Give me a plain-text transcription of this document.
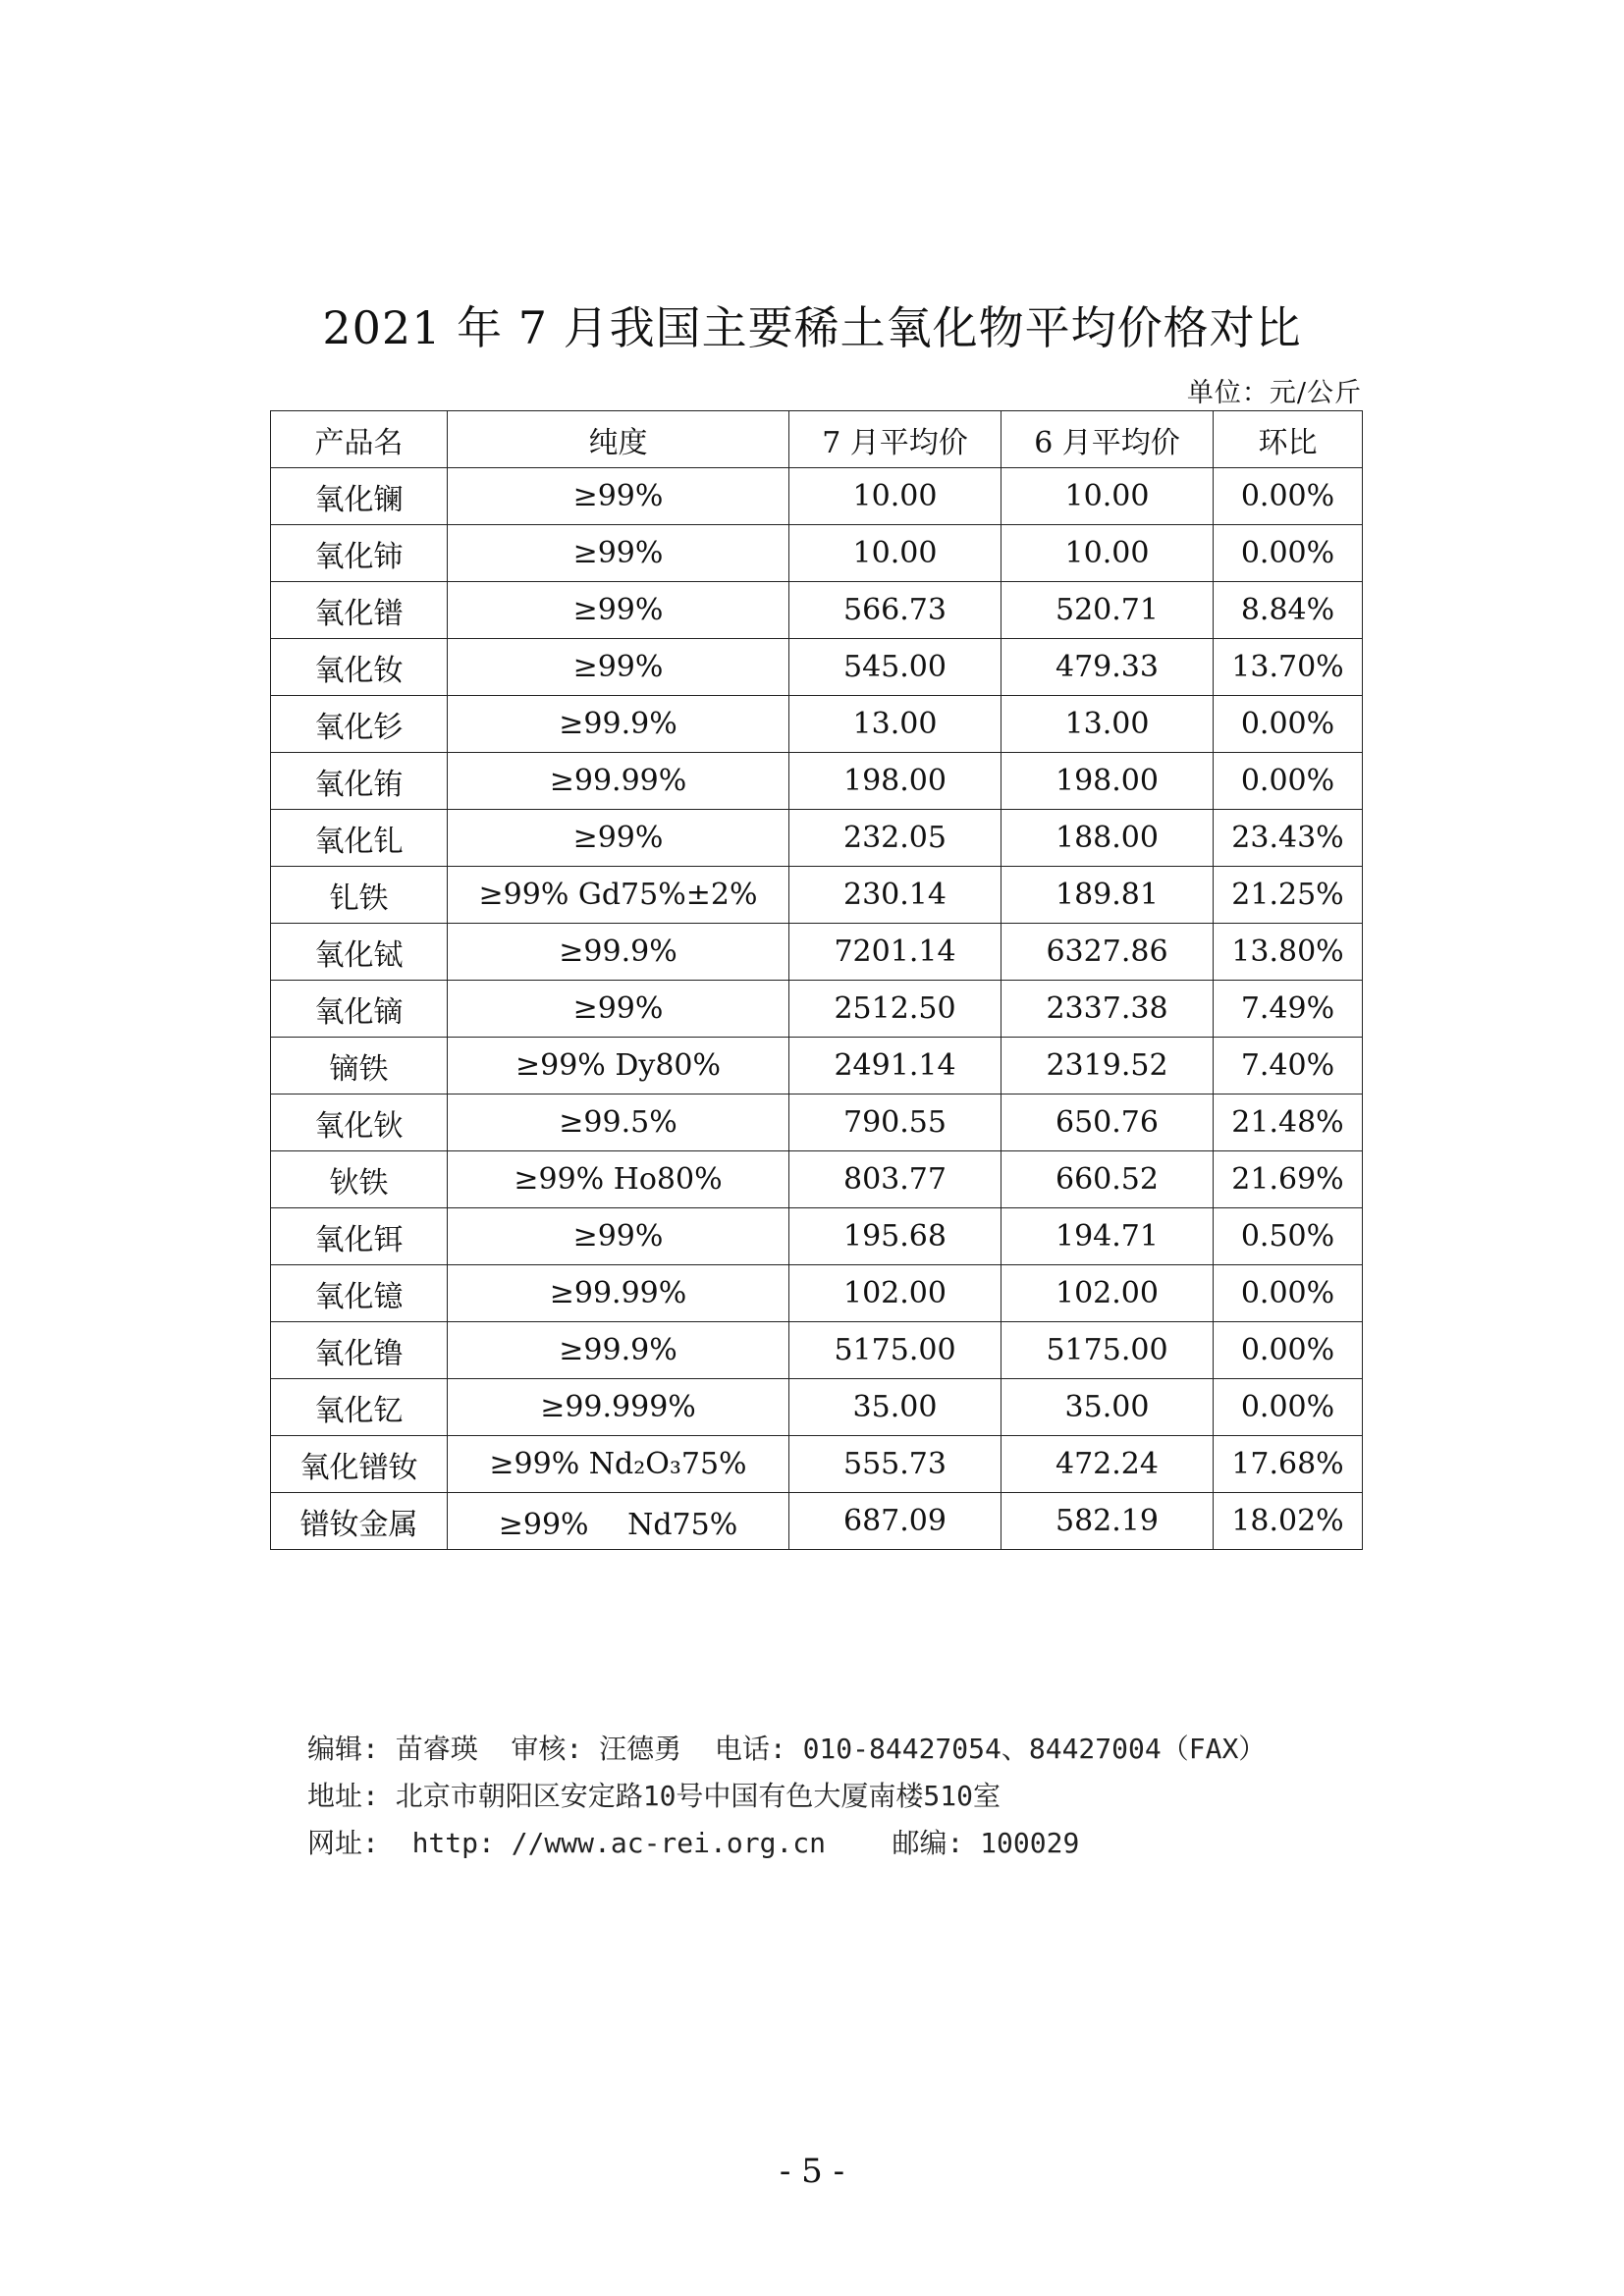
2021 年 7 月我国主要稀土氧化物平均价格对比
单位：元/公斤
产品名	纯度	7 月平均价	6 月平均价	环比
氧化镧	≥99%	10.00	10.00	0.00%
氧化铈	≥99%	10.00	10.00	0.00%
氧化镨	≥99%	566.73	520.71	8.84%
氧化钕	≥99%	545.00	479.33	13.70%
氧化钐	≥99.9%	13.00	13.00	0.00%
氧化铕	≥99.99%	198.00	198.00	0.00%
氧化钆	≥99%	232.05	188.00	23.43%
钆铁	≥99% Gd75%±2%	230.14	189.81	21.25%
氧化铽	≥99.9%	7201.14	6327.86	13.80%
氧化镝	≥99%	2512.50	2337.38	7.49%
镝铁	≥99% Dy80%	2491.14	2319.52	7.40%
氧化钬	≥99.5%	790.55	650.76	21.48%
钬铁	≥99% Ho80%	803.77	660.52	21.69%
氧化铒	≥99%	195.68	194.71	0.50%
氧化镱	≥99.99%	102.00	102.00	0.00%
氧化镥	≥99.9%	5175.00	5175.00	0.00%
氧化钇	≥99.999%	35.00	35.00	0.00%
氧化镨钕	≥99% Nd₂O₃75%	555.73	472.24	17.68%
镨钕金属	≥99%　 Nd75%	687.09	582.19	18.02%
编辑: 苗睿瑛  审核: 汪德勇  电话: 010-84427054、84427004（FAX）
地址: 北京市朝阳区安定路10号中国有色大厦南楼510室
网址:  http: //www.ac-rei.org.cn    邮编: 100029
- 5 -
